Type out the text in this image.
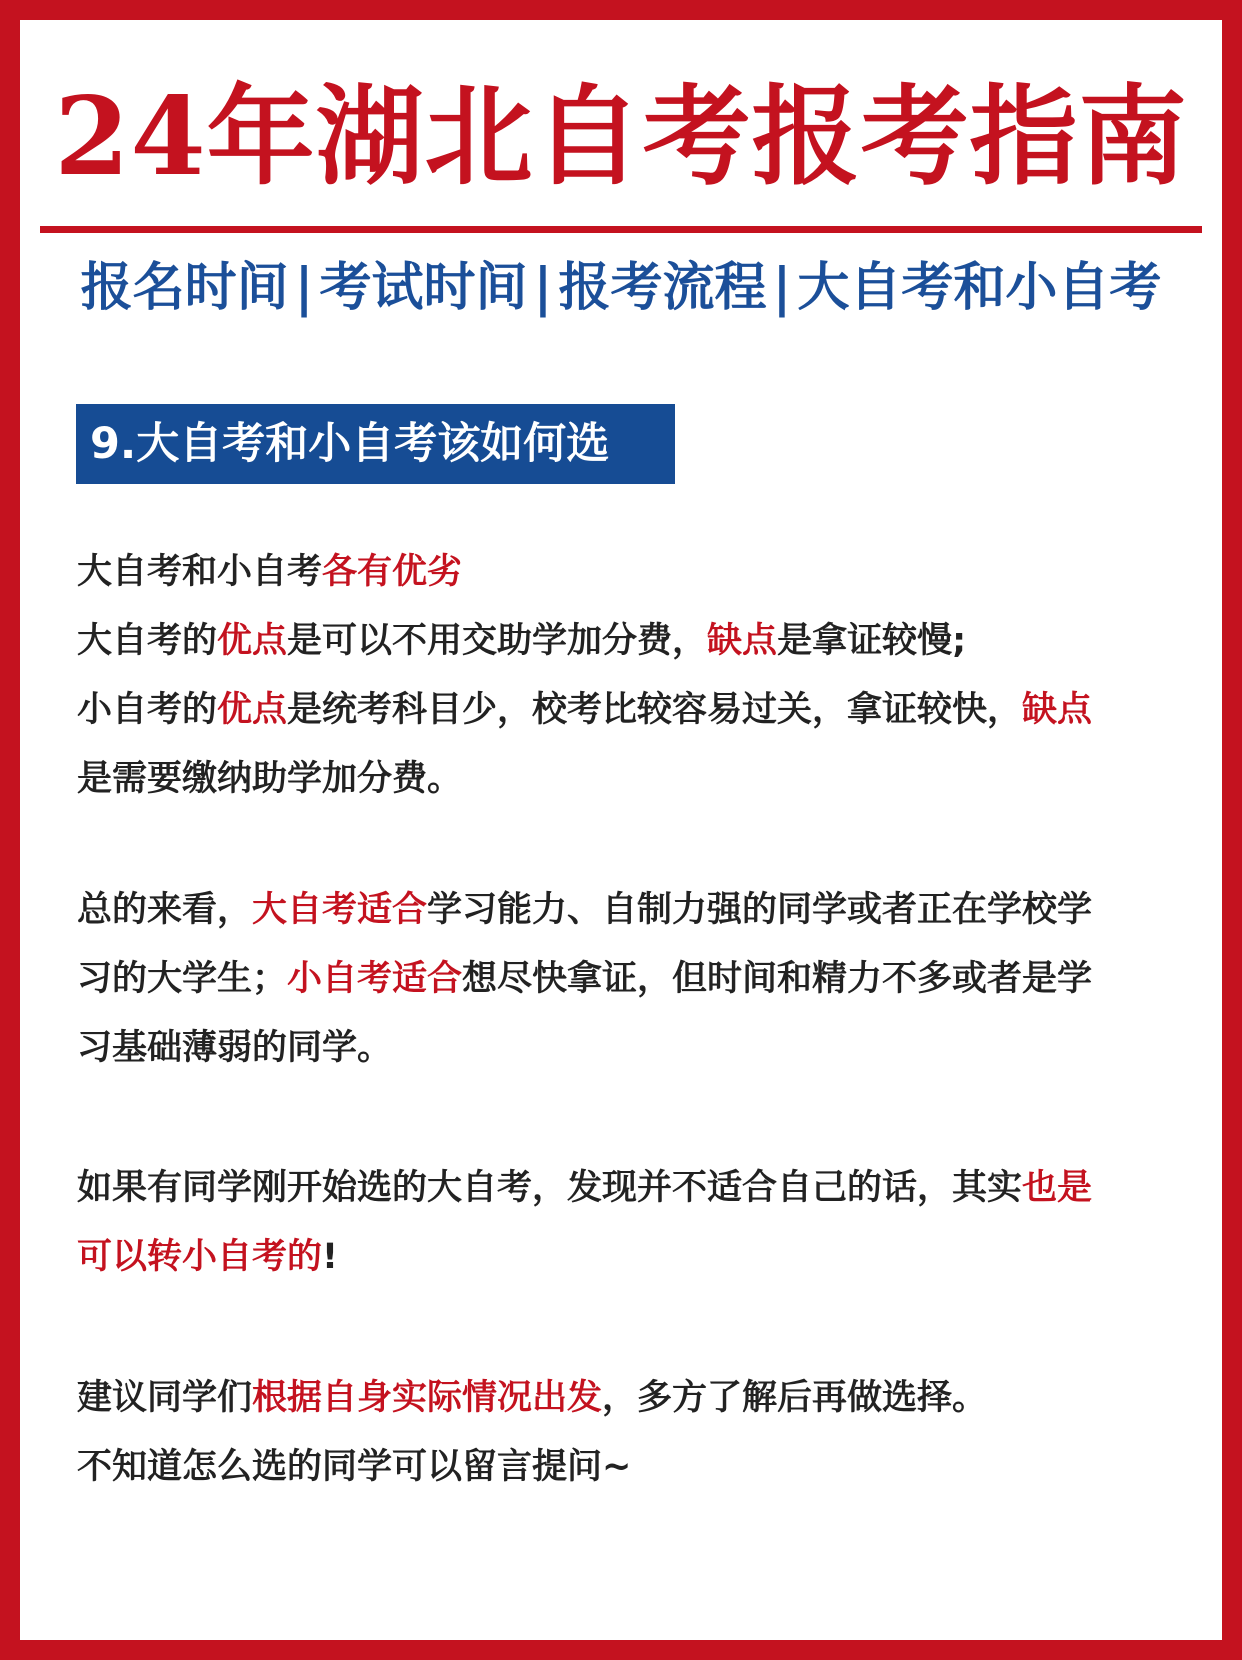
24年湖北自考报考指南
报名时间 | 考试时间 | 报考流程 | 大自考和小自考
9.大自考和小自考该如何选
大自考和小自考各有优劣
大自考的优点是可以不用交助学加分费，缺点是拿证较慢;
小自考的优点是统考科目少，校考比较容易过关，拿证较快，缺点
是需要缴纳助学加分费。
总的来看，大自考适合学习能力、自制力强的同学或者正在学校学
习的大学生；小自考适合想尽快拿证，但时间和精力不多或者是学
习基础薄弱的同学。
如果有同学刚开始选的大自考，发现并不适合自己的话，其实也是
可以转小自考的!
建议同学们根据自身实际情况出发，多方了解后再做选择。
不知道怎么选的同学可以留言提问~
